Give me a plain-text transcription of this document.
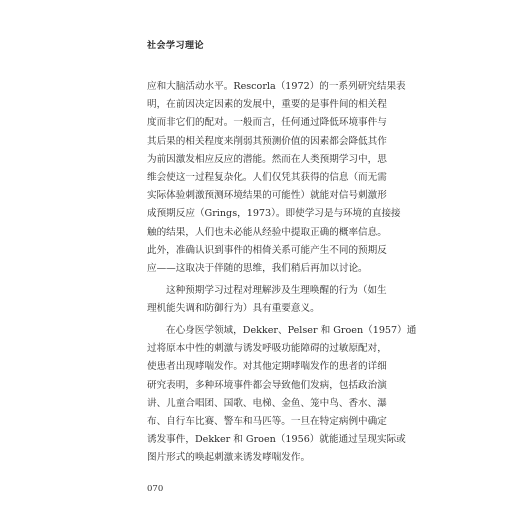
社会学习理论
应和大脑活动水平。Rescorla（1972）的一系列研究结果表
明，在前因决定因素的发展中，重要的是事件间的相关程
度而非它们的配对。一般而言，任何通过降低环境事件与
其后果的相关程度来削弱其预测价值的因素都会降低其作
为前因激发相应反应的潜能。然而在人类预期学习中，思
维会使这一过程复杂化。人们仅凭其获得的信息（而无需
实际体验刺激预测环境结果的可能性）就能对信号刺激形
成预期反应（Grings，1973）。即使学习是与环境的直接接
触的结果，人们也未必能从经验中提取正确的概率信息。
此外，准确认识到事件的相倚关系可能产生不同的预期反
应——这取决于伴随的思维，我们稍后再加以讨论。
这种预期学习过程对理解涉及生理唤醒的行为（如生
理机能失调和防御行为）具有重要意义。
在心身医学领域，Dekker、Pelser 和 Groen（1957）通
过将原本中性的刺激与诱发呼吸功能障碍的过敏原配对，
使患者出现哮喘发作。对其他定期哮喘发作的患者的详细
研究表明，多种环境事件都会导致他们发病，包括政治演
讲、儿童合唱团、国歌、电梯、金鱼、笼中鸟、香水、瀑
布、自行车比赛、警车和马匹等。一旦在特定病例中确定
诱发事件，Dekker 和 Groen（1956）就能通过呈现实际或
图片形式的唤起刺激来诱发哮喘发作。
070
